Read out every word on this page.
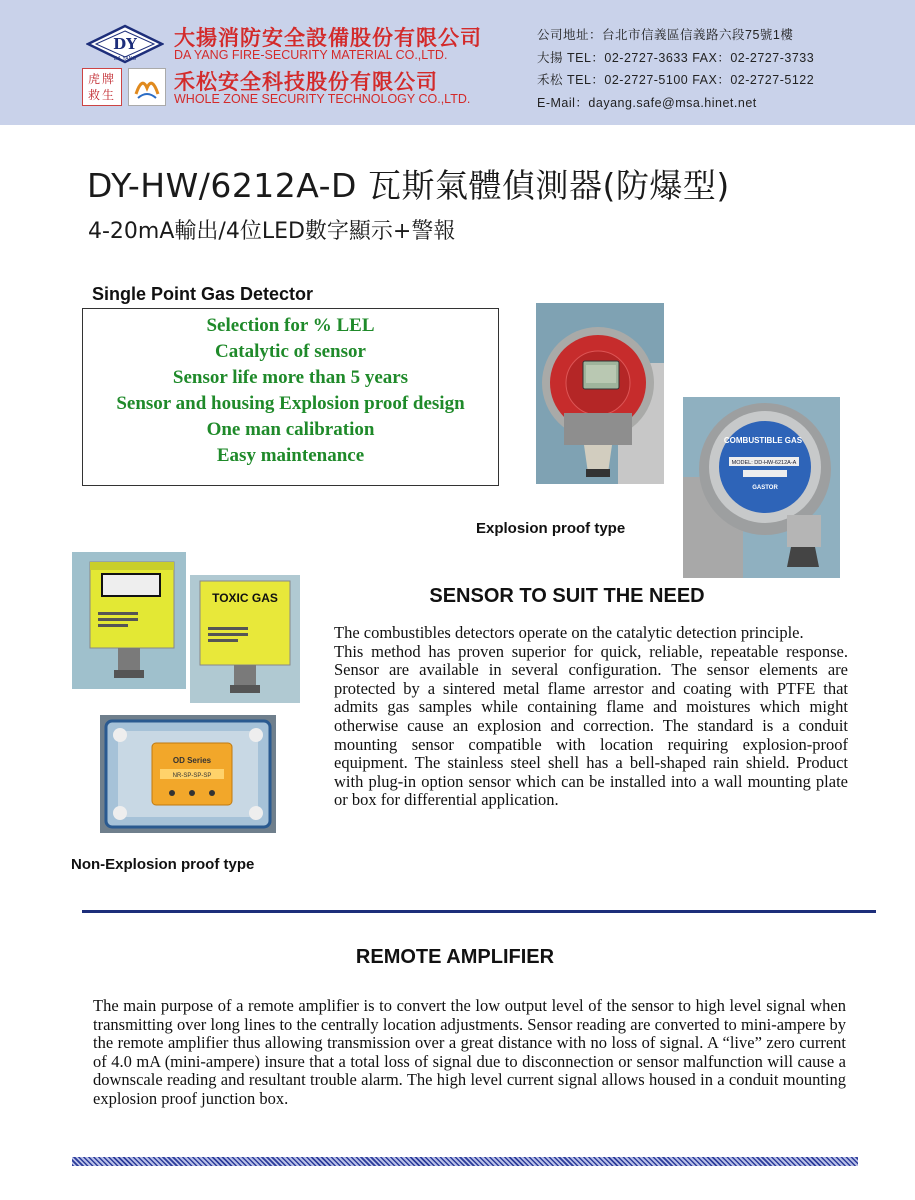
DY
DA YANG
虎牌
救生
大揚消防安全設備股份有限公司
DA YANG FIRE-SECURITY MATERIAL CO.,LTD.
禾松安全科技股份有限公司
WHOLE ZONE SECURITY TECHNOLOGY CO.,LTD.
公司地址：台北市信義區信義路六段75號1樓
大揚 TEL：02-2727-3633 FAX：02-2727-3733
禾松 TEL：02-2727-5100 FAX：02-2727-5122
E-Mail：dayang.safe@msa.hinet.net
DY-HW/6212A-D 瓦斯氣體偵測器(防爆型)
4-20mA輸出/4位LED數字顯示+警報
Single Point Gas Detector
Selection for % LEL
Catalytic of sensor
Sensor life more than 5 years
Sensor and housing Explosion proof design
One man calibration
Easy maintenance
COMBUSTIBLE GAS
MODEL: DD-HW-6212A-A
GASTOR
Explosion proof type
TOXIC GAS
OD Series
NR-SP-SP-SP
Non-Explosion proof type
SENSOR TO SUIT THE NEED
The combustibles detectors operate on the catalytic detection principle.
This method has proven superior for quick, reliable, repeatable response. Sensor are available in several configuration. The sensor elements are protected by a sintered metal flame arrestor and coating with PTFE that admits gas samples while containing flame and moistures which might otherwise cause an explosion and correction. The standard is a conduit mounting sensor compatible with location requiring explosion-proof equipment. The stainless steel shell has a bell-shaped rain shield. Product with plug-in option sensor which can be installed into a wall mounting plate or box for differential application.
REMOTE AMPLIFIER
The main purpose of a remote amplifier is to convert the low output level of the sensor to high level signal when transmitting over long lines to the centrally location adjustments. Sensor reading are converted to mini-ampere by the remote amplifier thus allowing transmission over a great distance with no loss of signal. A “live” zero current of 4.0 mA (mini-ampere) insure that a total loss of signal due to disconnection or sensor malfunction will cause a downscale reading and resultant trouble alarm. The high level current signal allows housed in a conduit mounting explosion proof junction box.
